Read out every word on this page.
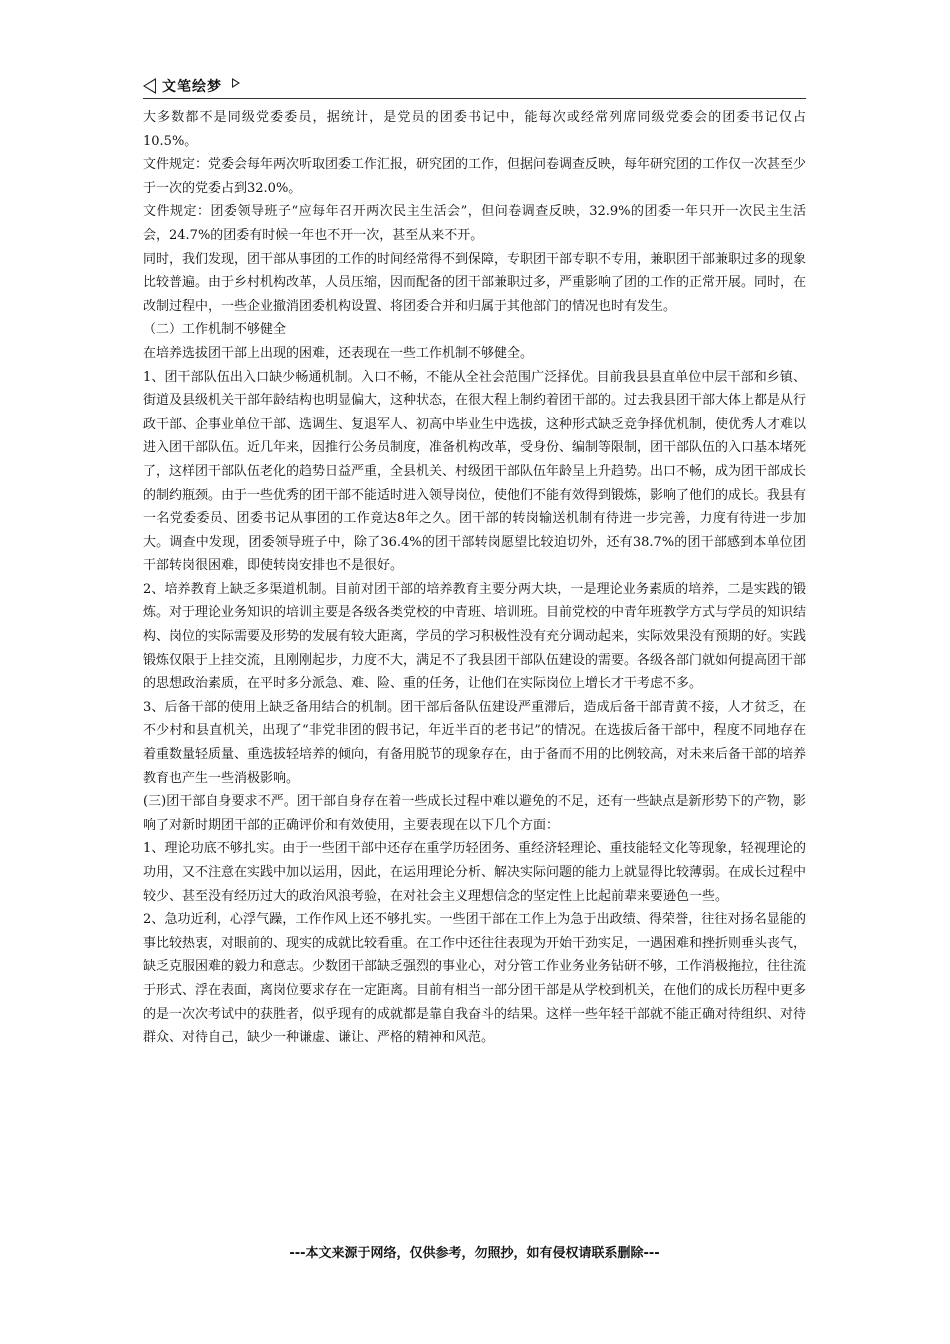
文笔绘梦

大多数都不是同级党委委员，据统计，是党员的团委书记中，能每次或经常列席同级党委会的团委书记仅占10.5%。

文件规定：党委会每年两次听取团委工作汇报，研究团的工作，但据问卷调查反映，每年研究团的工作仅一次甚至少于一次的党委占到32.0%。

文件规定：团委领导班子“应每年召开两次民主生活会”，但问卷调查反映，32.9%的团委一年只开一次民主生活会，24.7%的团委有时候一年也不开一次，甚至从来不开。

同时，我们发现，团干部从事团的工作的时间经常得不到保障，专职团干部专职不专用，兼职团干部兼职过多的现象比较普遍。由于乡村机构改革，人员压缩，因而配备的团干部兼职过多，严重影响了团的工作的正常开展。同时，在改制过程中，一些企业撤消团委机构设置、将团委合并和归属于其他部门的情况也时有发生。

（二）工作机制不够健全

在培养选拔团干部上出现的困难，还表现在一些工作机制不够健全。

1、团干部队伍出入口缺少畅通机制。入口不畅，不能从全社会范围广泛择优。目前我县县直单位中层干部和乡镇、街道及县级机关干部年龄结构也明显偏大，这种状态，在很大程上制约着团干部的。过去我县团干部大体上都是从行政干部、企事业单位干部、选调生、复退军人、初高中毕业生中选拔，这种形式缺乏竞争择优机制，使优秀人才难以进入团干部队伍。近几年来，因推行公务员制度，准备机构改革，受身份、编制等限制，团干部队伍的入口基本堵死了，这样团干部队伍老化的趋势日益严重，全县机关、村级团干部队伍年龄呈上升趋势。出口不畅，成为团干部成长的制约瓶颈。由于一些优秀的团干部不能适时进入领导岗位，使他们不能有效得到锻炼，影响了他们的成长。我县有一名党委委员、团委书记从事团的工作竟达8年之久。团干部的转岗输送机制有待进一步完善，力度有待进一步加大。调查中发现，团委领导班子中，除了36.4%的团干部转岗愿望比较迫切外，还有38.7%的团干部感到本单位团干部转岗很困难，即使转岗安排也不是很好。

2、培养教育上缺乏多渠道机制。目前对团干部的培养教育主要分两大块，一是理论业务素质的培养，二是实践的锻炼。对于理论业务知识的培训主要是各级各类党校的中青班、培训班。目前党校的中青年班教学方式与学员的知识结构、岗位的实际需要及形势的发展有较大距离，学员的学习积极性没有充分调动起来，实际效果没有预期的好。实践锻炼仅限于上挂交流，且刚刚起步，力度不大，满足不了我县团干部队伍建设的需要。各级各部门就如何提高团干部的思想政治素质，在平时多分派急、难、险、重的任务，让他们在实际岗位上增长才干考虑不多。

3、后备干部的使用上缺乏备用结合的机制。团干部后备队伍建设严重滞后，造成后备干部青黄不接，人才贫乏，在不少村和县直机关，出现了“非党非团的假书记，年近半百的老书记”的情况。在选拔后备干部中，程度不同地存在着重数量轻质量、重选拔轻培养的倾向，有备用脱节的现象存在，由于备而不用的比例较高，对未来后备干部的培养教育也产生一些消极影响。

(三)团干部自身要求不严。团干部自身存在着一些成长过程中难以避免的不足，还有一些缺点是新形势下的产物，影响了对新时期团干部的正确评价和有效使用，主要表现在以下几个方面：

1、理论功底不够扎实。由于一些团干部中还存在重学历轻团务、重经济轻理论、重技能轻文化等现象，轻视理论的功用，又不注意在实践中加以运用，因此，在运用理论分析、解决实际问题的能力上就显得比较薄弱。在成长过程中较少、甚至没有经历过大的政治风浪考验，在对社会主义理想信念的坚定性上比起前辈来要逊色一些。

2、急功近利，心浮气躁，工作作风上还不够扎实。一些团干部在工作上为急于出政绩、得荣誉，往往对扬名显能的事比较热衷，对眼前的、现实的成就比较看重。在工作中还往往表现为开始干劲实足，一遇困难和挫折则垂头丧气，缺乏克服困难的毅力和意志。少数团干部缺乏强烈的事业心，对分管工作业务业务钻研不够，工作消极拖拉，往往流于形式、浮在表面，离岗位要求存在一定距离。目前有相当一部分团干部是从学校到机关，在他们的成长历程中更多的是一次次考试中的获胜者，似乎现有的成就都是靠自我奋斗的结果。这样一些年轻干部就不能正确对待组织、对待群众、对待自己，缺少一种谦虚、谦让、严格的精神和风范。

---本文来源于网络，仅供参考，勿照抄，如有侵权请联系删除---
